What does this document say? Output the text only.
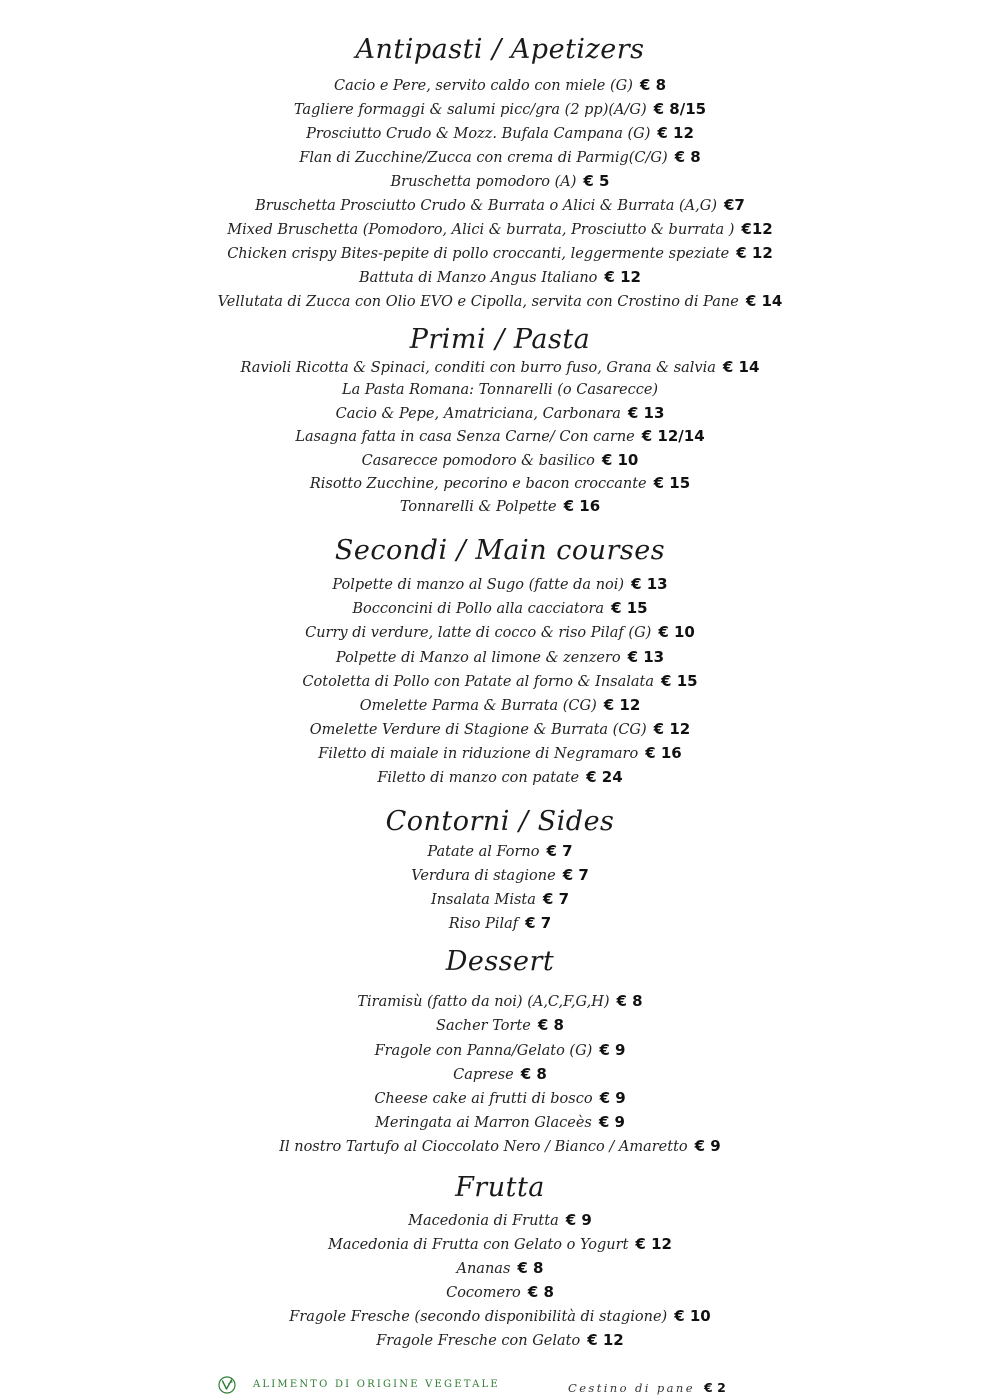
Antipasti / Apetizers
Cacio e Pere, servito caldo con miele (G) € 8
Tagliere formaggi & salumi picc/gra (2 pp)(A/G) € 8/15
Prosciutto Crudo & Mozz. Bufala Campana (G) € 12
Flan di Zucchine/Zucca con crema di Parmig(C/G) € 8
Bruschetta pomodoro (A) € 5
Bruschetta Prosciutto Crudo & Burrata o Alici & Burrata (A,G) €7
Mixed Bruschetta (Pomodoro, Alici & burrata, Prosciutto & burrata ) €12
Chicken crispy Bites-pepite di pollo croccanti, leggermente speziate € 12
Battuta di Manzo Angus Italiano € 12
Vellutata di Zucca con Olio EVO e Cipolla, servita con Crostino di Pane € 14
Primi / Pasta
Ravioli Ricotta & Spinaci, conditi con burro fuso, Grana & salvia € 14
La Pasta Romana: Tonnarelli (o Casarecce)
Cacio & Pepe, Amatriciana, Carbonara € 13
Lasagna fatta in casa Senza Carne/ Con carne € 12/14
Casarecce pomodoro & basilico € 10
Risotto Zucchine, pecorino e bacon croccante € 15
Tonnarelli & Polpette € 16
Secondi / Main courses
Polpette di manzo al Sugo (fatte da noi) € 13
Bocconcini di Pollo alla cacciatora € 15
Curry di verdure, latte di cocco & riso Pilaf (G) € 10
Polpette di Manzo al limone & zenzero € 13
Cotoletta di Pollo con Patate al forno & Insalata € 15
Omelette Parma & Burrata (CG) € 12
Omelette Verdure di Stagione & Burrata (CG) € 12
Filetto di maiale in riduzione di Negramaro € 16
Filetto di manzo con patate € 24
Contorni / Sides
Patate al Forno € 7
Verdura di stagione € 7
Insalata Mista € 7
Riso Pilaf € 7
Dessert
Tiramisù (fatto da noi) (A,C,F,G,H) € 8
Sacher Torte € 8
Fragole con Panna/Gelato (G) € 9
Caprese € 8
Cheese cake ai frutti di bosco € 9
Meringata ai Marron Glaceès € 9
Il nostro Tartufo al Cioccolato Nero / Bianco / Amaretto € 9
Frutta
Macedonia di Frutta € 9
Macedonia di Frutta con Gelato o Yogurt € 12
Ananas € 8
Cocomero € 8
Fragole Fresche (secondo disponibilità di stagione) € 10
Fragole Fresche con Gelato € 12
ALIMENTO DI ORIGINE VEGETALE	Cestino di pane € 2
